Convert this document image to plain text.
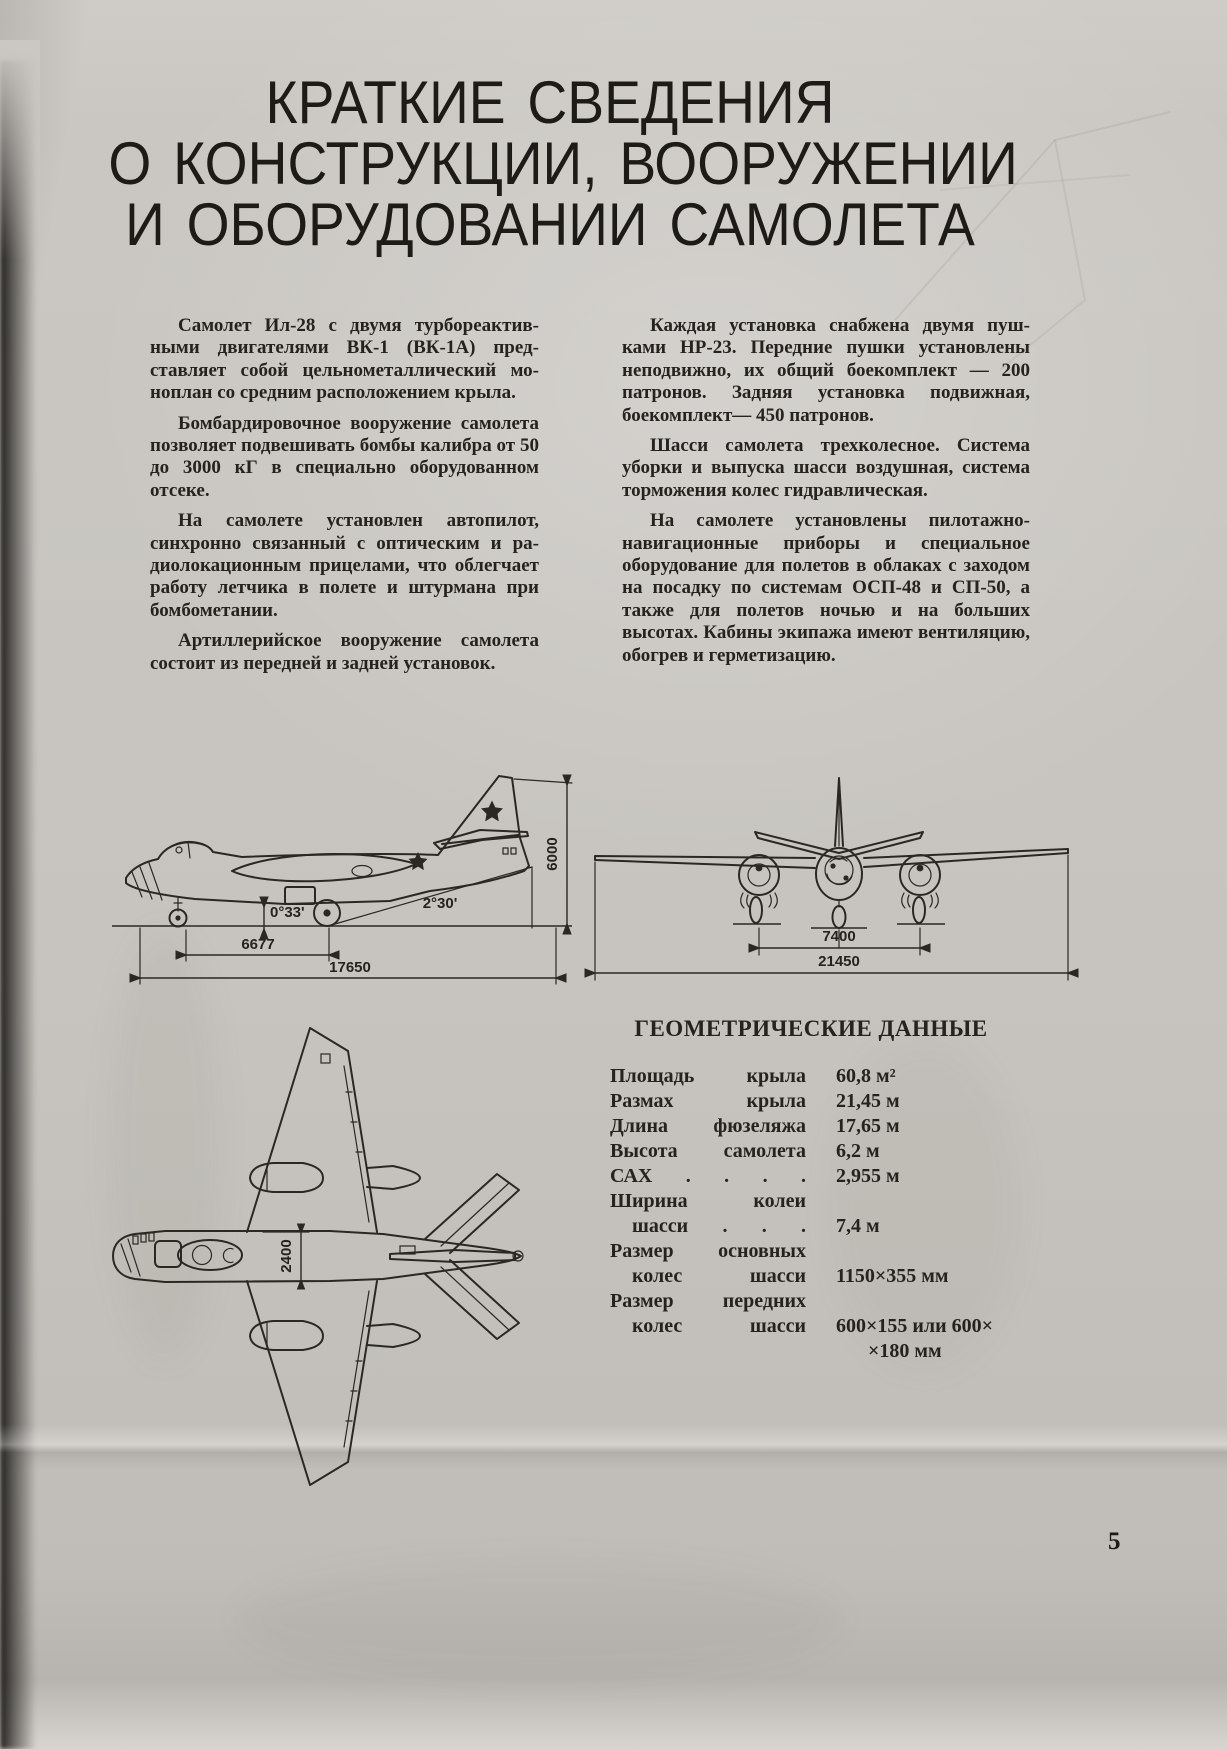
КРАТКИЕ СВЕДЕНИЯ
О КОНСТРУКЦИИ, ВООРУЖЕНИИ
И ОБОРУДОВАНИИ САМОЛЕТА

Самолет Ил-28 с двумя турбореактивными двигателями ВК-1 (ВК-1А) представляет собой цельнометаллический моноплан со средним расположением крыла.

Бомбардировочное вооружение самолета позволяет подвешивать бомбы калибра от 50 до 3000 кГ в специально оборудованном отсеке.

На самолете установлен автопилот, синхронно связанный с оптическим и радиолокационным прицелами, что облегчает работу летчика в полете и штурмана при бомбометании.

Артиллерийское вооружение самолета состоит из передней и задней установок.

Каждая установка снабжена двумя пушками НР-23. Передние пушки установлены неподвижно, их общий боекомплект — 200 патронов. Задняя установка подвижная, боекомплект— 450 патронов.

Шасси самолета трехколесное. Система уборки и выпуска шасси воздушная, система торможения колес гидравлическая.

На самолете установлены пилотажно-навигационные приборы и специальное оборудование для полетов в облаках с заходом на посадку по системам ОСП-48 и СП-50, а также для полетов ночью и на больших высотах. Кабины экипажа имеют вентиляцию, обогрев и герметизацию.

2°30'
0°33'
6677
17650
6000
7400
21450
2400
ГЕОМЕТРИЧЕСКИЕ ДАННЫЕ
Площадь крыла 60,8 м²
Размах крыла 21,45 м
Длина фюзеляжа 17,65 м
Высота самолета 6,2 м
САХ . . . . 2,955 м
Ширина колеи
шасси . . . 7,4 м
Размер основных
колес шасси 1150×355 мм
Размер передних
колес шасси 600×155 или 600×
×180 мм
5
